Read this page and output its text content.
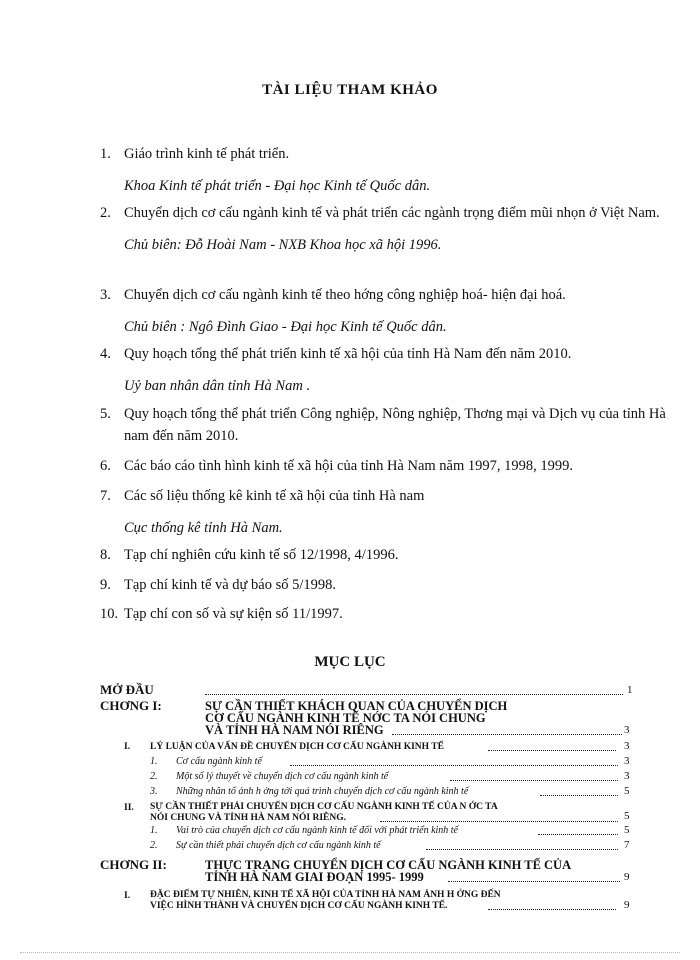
TÀI LIỆU THAM KHẢO
1. Giáo trình kinh tế phát triển.
Khoa Kinh tế phát triển - Đại học Kinh tế Quốc dân.
2. Chuyển dịch cơ cấu ngành kinh tế và phát triển các ngành trọng điểm mũi nhọn ở Việt Nam.
Chủ biên: Đỗ Hoài Nam - NXB Khoa học xã hội 1996.
3. Chuyển dịch cơ cấu ngành kinh tế theo hớng công nghiệp hoá- hiện đại hoá.
Chủ biên : Ngô Đình Giao - Đại học Kinh tế Quốc dân.
4. Quy hoạch tổng thể phát triển kinh tế xã hội của tỉnh Hà Nam đến năm 2010.
Uỷ ban nhân dân tỉnh Hà Nam .
5. Quy hoạch tổng thể phát triển Công nghiệp, Nông nghiệp, Thơng mại và Dịch vụ của tỉnh Hà nam đến năm 2010.
6. Các báo cáo tình hình kinh tế xã hội của tỉnh Hà Nam năm 1997, 1998, 1999.
7. Các số liệu thống kê kinh tế xã hội của tỉnh Hà nam
Cục thống kê tỉnh Hà Nam.
8. Tạp chí nghiên cứu kinh tế số 12/1998, 4/1996.
9. Tạp chí kinh tế và dự báo số 5/1998.
10. Tạp chí con số và sự kiện số 11/1997.
MỤC LỤC
MỞ ĐẦU	1
CHƠNG I:	SỰ CẦN THIẾT KHÁCH QUAN CỦA CHUYỂN DỊCH
CƠ CẤU NGÀNH KINH TẾ NỚC TA NÓI CHUNG
VÀ TỈNH HÀ NAM NÓI RIÊNG	3
I. LÝ LUẬN CỦA VẤN ĐỀ CHUYỂN DỊCH CƠ CẤU NGÀNH KINH TẾ	3
1. Cơ cấu ngành kinh tế	3
2. Một số lý thuyết về chuyển dịch cơ cấu ngành kinh tế	3
3. Những nhân tố ảnh h ởng tới quá trình chuyển dịch cơ cấu ngành kinh tế	5
II. SỰ CẦN THIẾT PHẢI CHUYỂN DỊCH CƠ CẤU NGÀNH KINH TẾ CỦA N ỚC TA
NÓI CHUNG VÀ TỈNH HÀ NAM NÓI RIÊNG.	5
1. Vai trò của chuyển dịch cơ cấu ngành kinh tế đối với phát triển kinh tế	5
2. Sự cần thiết phải chuyển dịch cơ cấu ngành kinh tế	7
CHƠNG II:	THỰC TRẠNG CHUYỂN DỊCH CƠ CẤU NGÀNH KINH TẾ CỦA
TỈNH HÀ NAM GIAI ĐOẠN 1995- 1999	9
I. ĐẶC ĐIỂM TỰ NHIÊN, KINH TẾ XÃ HỘI CỦA TỈNH HÀ NAM ẢNH H ỞNG ĐẾN
VIỆC HÌNH THÀNH VÀ CHUYỂN DỊCH CƠ CẤU NGÀNH KINH TẾ.	9
